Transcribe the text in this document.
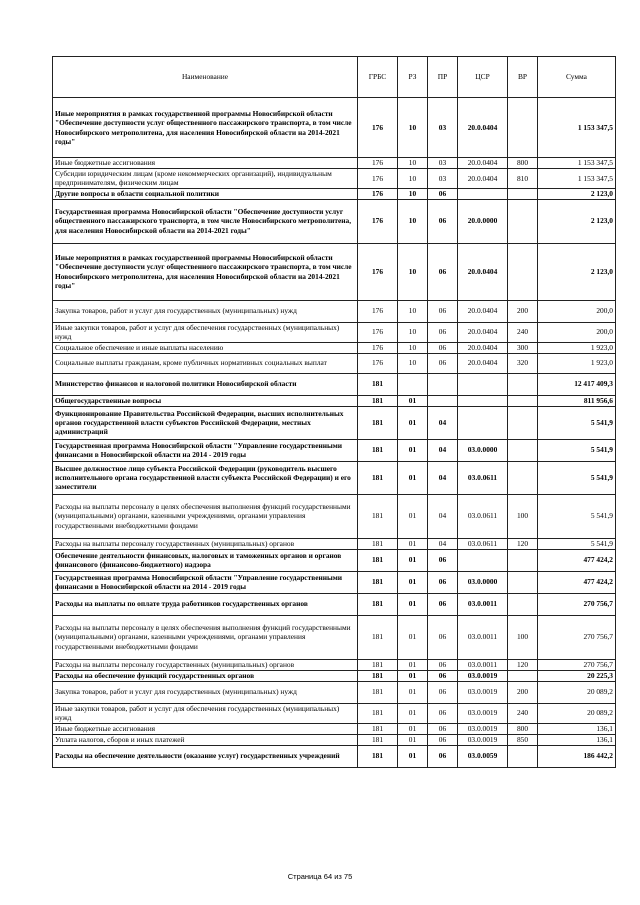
Наименование	ГРБС	РЗ	ПР	ЦСР	ВР	Сумма
Иные мероприятия в рамках государственной программы Новосибирской области "Обеспечение доступности услуг общественного пассажирского транспорта, в том числе Новосибирского метрополитена, для населения Новосибирской области на 2014-2021 годы"	176	10	03	20.0.0404		1 153 347,5
Иные бюджетные ассигнования	176	10	03	20.0.0404	800	1 153 347,5
Субсидии юридическим лицам (кроме некоммерческих организаций), индивидуальным предпринимателям, физическим лицам	176	10	03	20.0.0404	810	1 153 347,5
Другие вопросы в области социальной политики	176	10	06			2 123,0
Государственная программа Новосибирской области "Обеспечение доступности услуг общественного пассажирского транспорта, в том числе Новосибирского метрополитена, для населения Новосибирской области на 2014-2021 годы"	176	10	06	20.0.0000		2 123,0
Иные мероприятия в рамках государственной программы Новосибирской области "Обеспечение доступности услуг общественного пассажирского транспорта, в том числе Новосибирского метрополитена, для населения Новосибирской области на 2014-2021 годы"	176	10	06	20.0.0404		2 123,0
Закупка товаров, работ и услуг для государственных (муниципальных) нужд	176	10	06	20.0.0404	200	200,0
Иные закупки товаров, работ и услуг для обеспечения государственных (муниципальных) нужд	176	10	06	20.0.0404	240	200,0
Социальное обеспечение и иные выплаты населению	176	10	06	20.0.0404	300	1 923,0
Социальные выплаты гражданам, кроме публичных нормативных социальных выплат	176	10	06	20.0.0404	320	1 923,0
Министерство финансов и налоговой политики Новосибирской области	181					12 417 409,3
Общегосударственные вопросы	181	01				811 956,6
Функционирование Правительства Российской Федерации, высших исполнительных органов государственной власти субъектов Российской Федерации, местных администраций	181	01	04			5 541,9
Государственная программа Новосибирской области "Управление государственными финансами в Новосибирской области на 2014 - 2019 годы	181	01	04	03.0.0000		5 541,9
Высшее должностное лицо субъекта Российской Федерации (руководитель высшего исполнительного органа государственной власти субъекта Российской Федерации) и его заместители	181	01	04	03.0.0611		5 541,9
Расходы на выплаты персоналу в целях обеспечения выполнения функций государственными (муниципальными) органами, казенными учреждениями, органами управления государственными внебюджетными фондами	181	01	04	03.0.0611	100	5 541,9
Расходы на выплаты персоналу государственных (муниципальных) органов	181	01	04	03.0.0611	120	5 541,9
Обеспечение деятельности финансовых, налоговых и таможенных органов и органов финансового (финансово-бюджетного) надзора	181	01	06			477 424,2
Государственная программа Новосибирской области "Управление государственными финансами в Новосибирской области на 2014 - 2019 годы	181	01	06	03.0.0000		477 424,2
Расходы на выплаты по оплате труда работников государственных органов	181	01	06	03.0.0011		270 756,7
Расходы на выплаты персоналу в целях обеспечения выполнения функций государственными (муниципальными) органами, казенными учреждениями, органами управления государственными внебюджетными фондами	181	01	06	03.0.0011	100	270 756,7
Расходы на выплаты персоналу государственных (муниципальных) органов	181	01	06	03.0.0011	120	270 756,7
Расходы на обеспечение функций государственных органов	181	01	06	03.0.0019		20 225,3
Закупка товаров, работ и услуг для государственных (муниципальных) нужд	181	01	06	03.0.0019	200	20 089,2
Иные закупки товаров, работ и услуг для обеспечения государственных (муниципальных) нужд	181	01	06	03.0.0019	240	20 089,2
Иные бюджетные ассигнования	181	01	06	03.0.0019	800	136,1
Уплата налогов, сборов и иных платежей	181	01	06	03.0.0019	850	136,1
Расходы на обеспечение деятельности (оказание услуг) государственных учреждений	181	01	06	03.0.0059		186 442,2
Страница 64 из 75
